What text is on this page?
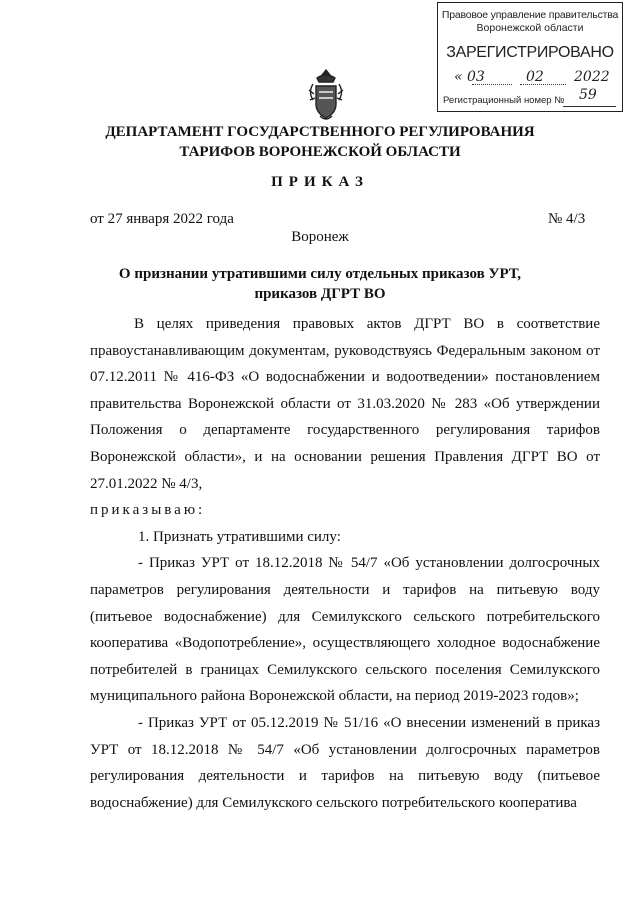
Правовое управление правительства
Воронежской области
ЗАРЕГИСТРИРОВАНО
« 03	02 2022
Регистрационный номер № 59
ДЕПАРТАМЕНТ ГОСУДАРСТВЕННОГО РЕГУЛИРОВАНИЯ
ТАРИФОВ ВОРОНЕЖСКОЙ ОБЛАСТИ
ПРИКАЗ
от 27 января 2022 года	№ 4/3
Воронеж
О признании утратившими силу отдельных приказов УРТ,
приказов ДГРТ ВО

В целях приведения правовых актов ДГРТ ВО в соответствие правоустанавливающим документам, руководствуясь Федеральным законом от 07.12.2011 № 416-ФЗ «О водоснабжении и водоотведении» постановлением правительства Воронежской области от 31.03.2020 № 283 «Об утверждении Положения о департаменте государственного регулирования тарифов Воронежской области», и на основании решения Правления ДГРТ ВО от 27.01.2022 № 4/3,

приказываю:

1. Признать утратившими силу:

- Приказ УРТ от 18.12.2018 № 54/7 «Об установлении долгосрочных параметров регулирования деятельности и тарифов на питьевую воду (питьевое водоснабжение) для Семилукского сельского потребительского кооператива «Водопотребление», осуществляющего холодное водоснабжение потребителей в границах Семилукского сельского поселения Семилукского муниципального района Воронежской области, на период 2019-2023 годов»;

- Приказ УРТ от 05.12.2019 № 51/16 «О внесении изменений в приказ УРТ от 18.12.2018 № 54/7 «Об установлении долгосрочных параметров регулирования деятельности и тарифов на питьевую воду (питьевое водоснабжение) для Семилукского сельского потребительского кооператива
